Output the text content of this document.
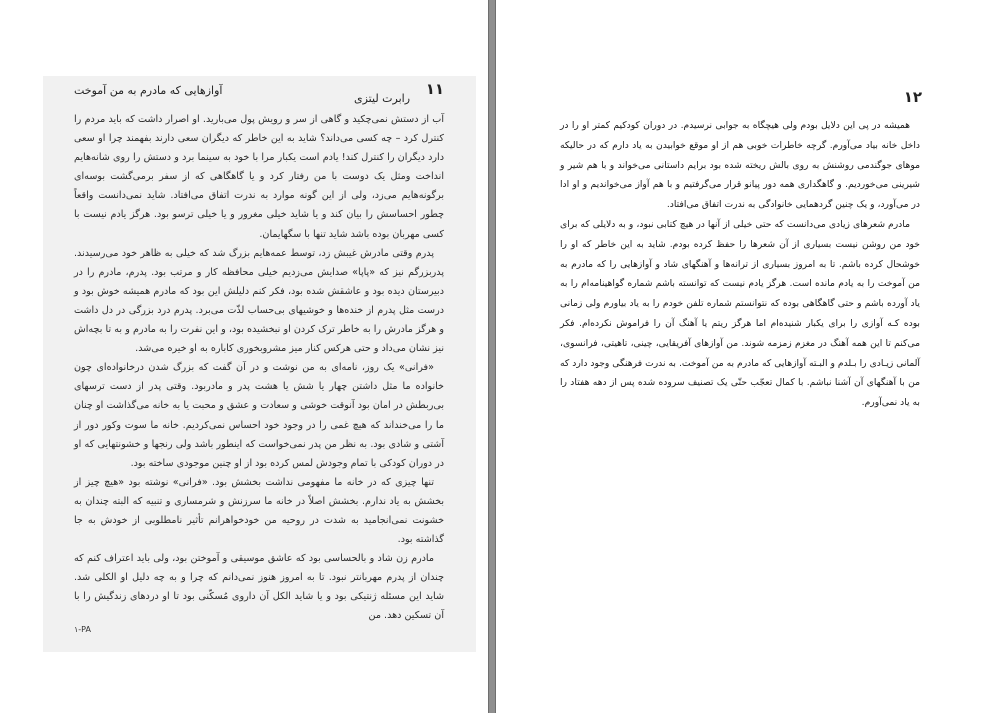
۱۱
آوازهایی که مادرم به من آموخت

آب از دستش نمی‌چکید و گاهی از سر و رویش پول می‌بارید. او اصرار داشت که باید مردم را کنترل کرد – چه کسی می‌داند؟ شاید به این خاطر که دیگران سعی دارند بفهمند چرا او سعی دارد دیگران را کنترل کند! یادم است یکبار مرا با خود به سینما برد و دستش را روی شانه‌هایم انداخت ومثل یک دوست با من رفتار کرد و یا گاهگاهی که از سفر برمی‌گشت بوسه‌ای برگونه‌هایم می‌زد، ولی از این گونه موارد به ندرت اتفاق می‌افتاد. شاید نمی‌دانست واقعاً چطور احساسش را بیان کند و یا شاید خیلی مغرور و یا خیلی ترسو بود. هرگز یادم نیست با کسی مهربان بوده باشد شاید تنها با سگهایمان.

پدرم وقتی مادرش غیبش زد، توسط عمه‌هایم بزرگ شد که خیلی به ظاهر خود می‌رسیدند. پدربزرگم نیز که «پاپا» صدایش می‌زدیم خیلی محافظه کار و مرتب بود. پدرم، مادرم را در دبیرستان دیده بود و عاشقش شده بود، فکر کنم دلیلش این بود که مادرم همیشه خوش بود و درست مثل پدرم از خنده‌ها و خوشیهای بی‌حساب لذّت می‌برد. پدرم درد بزرگی در دل داشت و هرگز مادرش را به خاطر ترک کردن او نبخشیده بود، و این نفرت را به مادرم و به تا بچه‌اش نیز نشان می‌داد و حتی هرکس کنار میز مشروبخوری کاباره به او خیره می‌شد.

«فرانی» یک روز، نامه‌ای به من نوشت و در آن گفت که بزرگ شدن درخانواده‌ای چون خانواده ما مثل داشتن چهار یا شش یا هشت پدر و مادربود. وقتی پدر از دست ترسهای بی‌ربطش در امان بود آنوقت خوشی و سعادت و عشق و محبت یا به خانه می‌گذاشت او چنان ما را می‌خنداند که هیچ غمی را در وجود خود احساس نمی‌کردیم. خانه ما سوت وکور دور از آشتی و شادی بود. به نظر من پدر نمی‌خواست که اینطور باشد ولی رنجها و خشونتهایی که او در دوران کودکی با تمام وجودش لمس کرده بود از او چنین موجودی ساخته بود.

تنها چیزی که در خانه ما مفهومی نداشت بخشش بود. «فرانی» نوشته بود «هیچ چیز از بخشش به یاد ندارم. بخشش اصلاً در خانه ما سرزنش و شرمساری و تنبیه که البته چندان به خشونت نمی‌انجامید به شدت در روحیه من خودخواهرانم تأثیر نامطلوبی از خودش به جا گذاشته بود.

مادرم زن شاد و بالحساسی بود که عاشق موسیقی و آموختن بود، ولی باید اعتراف کنم که چندان از پدرم مهربانتر نبود. تا به امروز هنوز نمی‌دانم که چرا و به چه دلیل او الکلی شد. شاید این مسئله ژنتیکی بود و یا شاید الکل آن داروی مُسکّنی بود تا او دردهای زندگیش را با آن تسکین دهد. من

۱-PA
۱۲
رابرت لیتزی

همیشه در پی این دلایل بودم ولی هیچگاه به جوابی نرسیدم. در دوران کودکیم کمتر او را در داخل خانه بیاد می‌آورم. گرچه خاطرات خوبی هم از او موقع خوابیدن به یاد دارم که در حالیکه موهای جوگندمی روشنش به روی بالش ریخته شده بود برایم داستانی می‌خواند و با هم شیر و شیرینی می‌خوردیم. و گاهگداری همه دور پیانو قرار می‌گرفتیم و با هم آواز می‌خواندیم و او ادا در می‌آورد، و یک چنین گردهمایی خانوادگی به ندرت اتفاق می‌افتاد.

مادرم شعرهای زیادی می‌دانست که حتی خیلی از آنها در هیچ کتابی نبود، و به دلایلی که برای خود من روشن نیست بسیاری از آن شعرها را حفظ کرده بودم. شاید به این خاطر که او را خوشحال کرده باشم. تا به امروز بسیاری از ترانه‌ها و آهنگهای شاد و آوازهایی را که مادرم به من آموخت را به یادم مانده است. هرگز یادم نیست که توانسته باشم شماره گواهینامه‌ام را به یاد آورده باشم و حتی گاهگاهی بوده که نتوانستم شماره تلفن خودم را به یاد بیاورم ولی زمانی بوده کـه آوازی را برای یکبار شنیده‌ام اما هرگز ریتم یا آهنگ آن را فراموش نکرده‌ام. فکر می‌کنم تا این همه آهنگ در مغزم زمزمه شوند. من آوازهای آفریقایی، چینی، تاهیتی، فرانسوی، آلمانی زیـادی را بـلدم و البـته آوازهایی که مادرم به من آموخت. به ندرت فرهنگی وجود دارد که من با آهنگهای آن آشنا نباشم. با کمال تعجّب حتّی یک تصنیف سروده شده پس از دهه هفتاد را به یاد نمی‌آورم.
